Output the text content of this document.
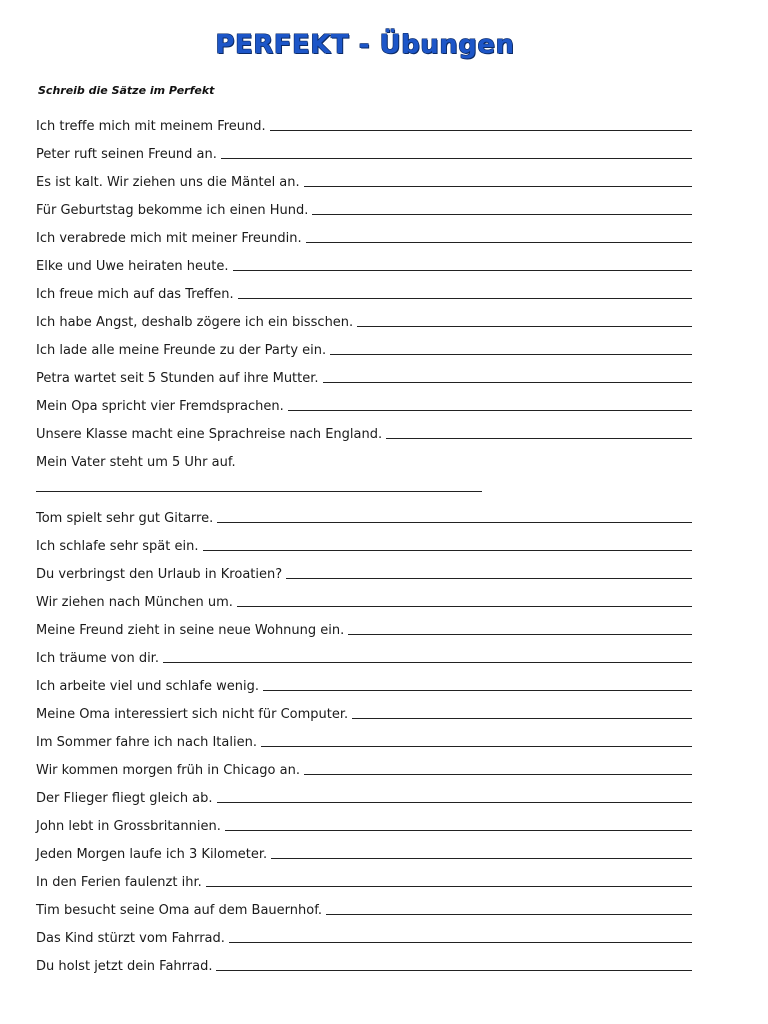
PERFEKT - Übungen
Schreib die Sätze im Perfekt
Ich treffe mich mit meinem Freund.
Peter ruft seinen Freund an.
Es ist kalt. Wir ziehen uns die Mäntel an.
Für Geburtstag bekomme ich einen Hund.
Ich verabrede mich mit meiner Freundin.
Elke und Uwe heiraten heute.
Ich freue mich auf das Treffen.
Ich habe Angst, deshalb zögere ich ein bisschen.
Ich lade alle meine Freunde zu der Party ein.
Petra wartet seit 5 Stunden auf ihre Mutter.
Mein Opa spricht vier Fremdsprachen.
Unsere Klasse macht eine Sprachreise nach England.
Mein Vater steht um 5 Uhr auf.
Tom spielt sehr gut Gitarre.
Ich schlafe sehr spät ein.
Du verbringst den Urlaub in Kroatien?
Wir ziehen nach München um.
Meine Freund zieht in seine neue Wohnung ein.
Ich träume von dir.
Ich arbeite viel und schlafe wenig.
Meine Oma interessiert sich nicht für Computer.
Im Sommer fahre ich nach Italien.
Wir kommen morgen früh in Chicago an.
Der Flieger fliegt gleich ab.
John lebt in Grossbritannien.
Jeden Morgen laufe ich 3 Kilometer.
In den Ferien faulenzt ihr.
Tim besucht seine Oma auf dem Bauernhof.
Das Kind stürzt vom Fahrrad.
Du holst jetzt dein Fahrrad.
